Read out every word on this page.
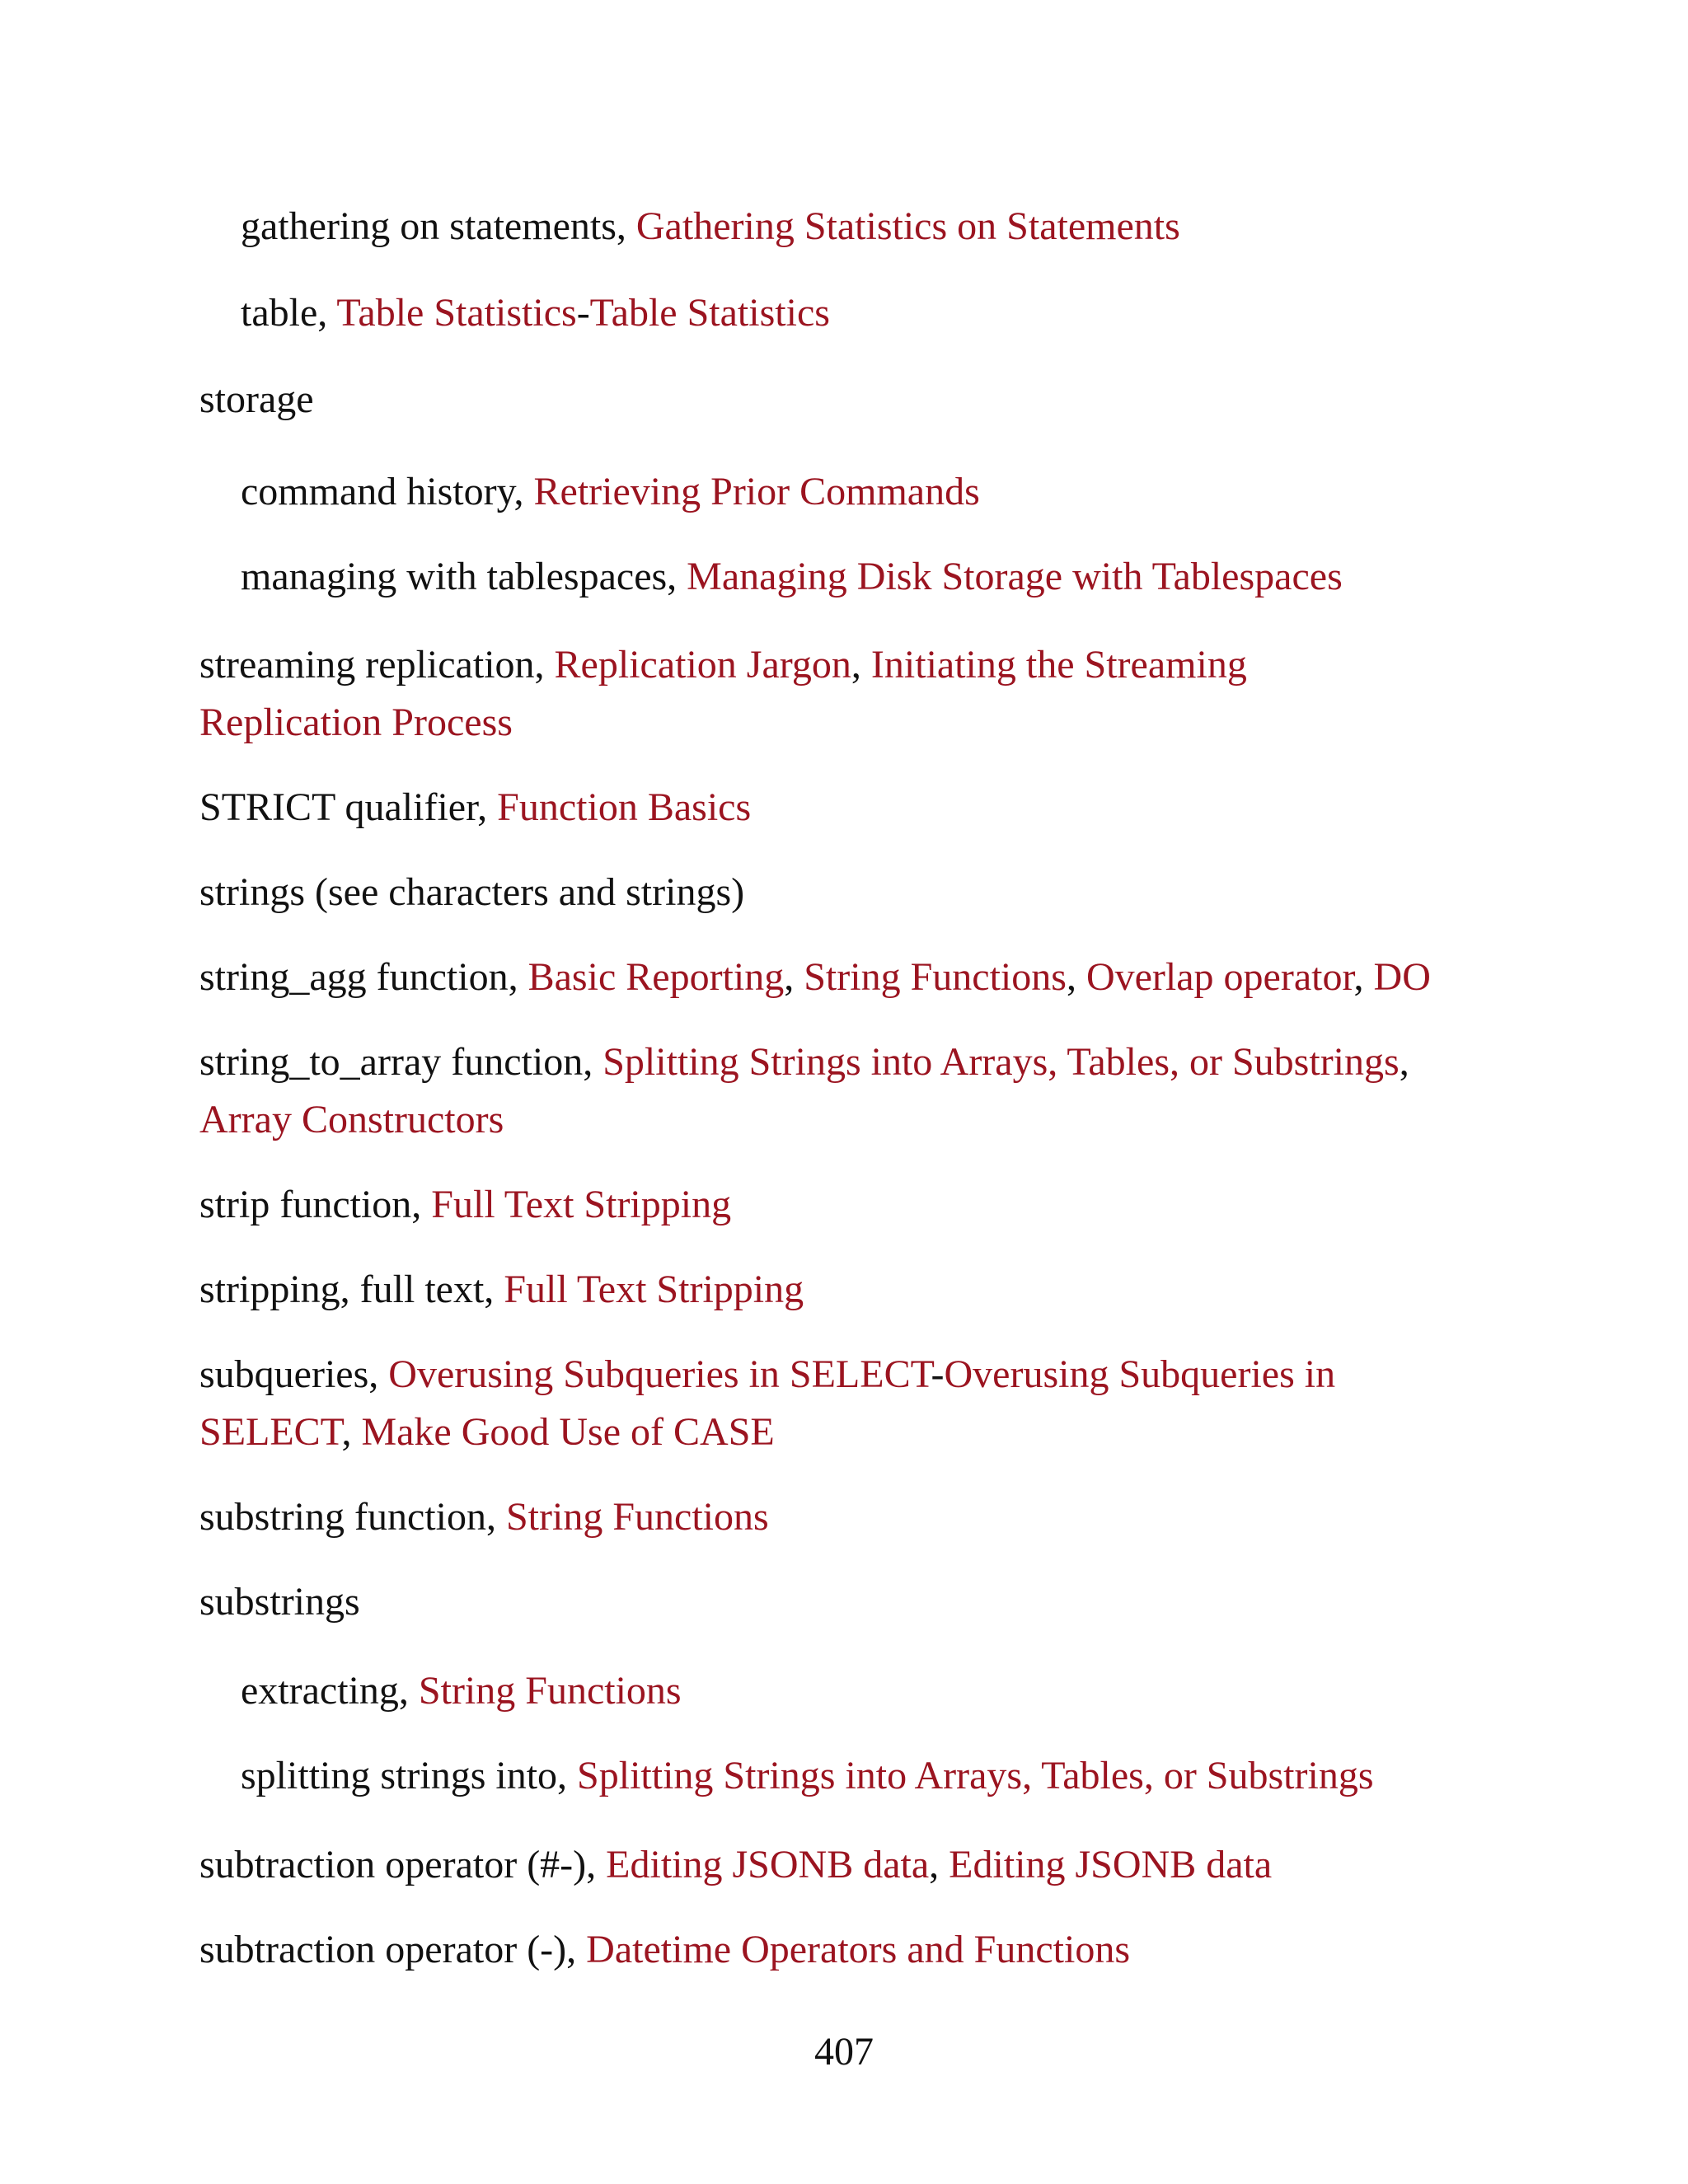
gathering on statements, Gathering Statistics on Statements
table, Table Statistics-Table Statistics
storage
command history, Retrieving Prior Commands
managing with tablespaces, Managing Disk Storage with Tablespaces
streaming replication, Replication Jargon, Initiating the Streaming Replication Process
STRICT qualifier, Function Basics
strings (see characters and strings)
string_agg function, Basic Reporting, String Functions, Overlap operator, DO
string_to_array function, Splitting Strings into Arrays, Tables, or Substrings, Array Constructors
strip function, Full Text Stripping
stripping, full text, Full Text Stripping
subqueries, Overusing Subqueries in SELECT-Overusing Subqueries in SELECT, Make Good Use of CASE
substring function, String Functions
substrings
extracting, String Functions
splitting strings into, Splitting Strings into Arrays, Tables, or Substrings
subtraction operator (#-), Editing JSONB data, Editing JSONB data
subtraction operator (-), Datetime Operators and Functions
407
